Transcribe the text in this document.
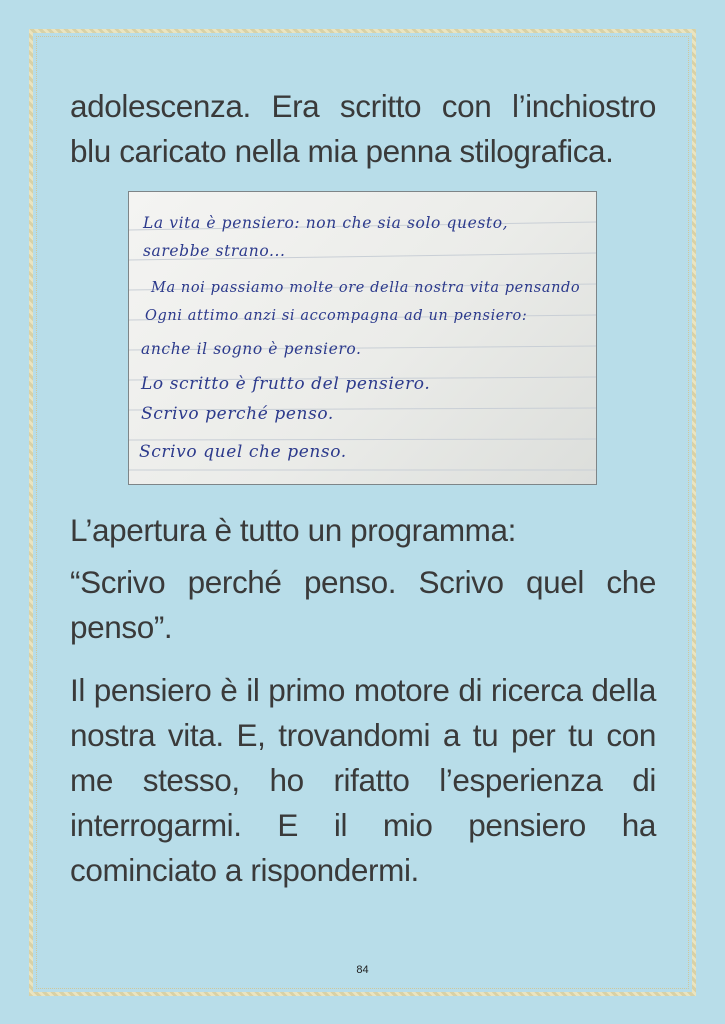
adolescenza. Era scritto con l’inchiostro blu caricato nella mia penna stilografica.

La vita è pensiero: non che sia solo questo,

sarebbe strano...

Ma noi passiamo molte ore della nostra vita pensando

Ogni attimo anzi si accompagna ad un pensiero:

anche il sogno è pensiero.

Lo scritto è frutto del pensiero.

Scrivo perché penso.

Scrivo quel che penso.

L’apertura è tutto un programma:

“Scrivo perché penso. Scrivo quel che penso”.

Il pensiero è il primo motore di ricerca della nostra vita. E, trovandomi a tu per tu con me stesso, ho rifatto l’esperienza di interrogarmi. E il mio pensiero ha cominciato a rispondermi.

84
